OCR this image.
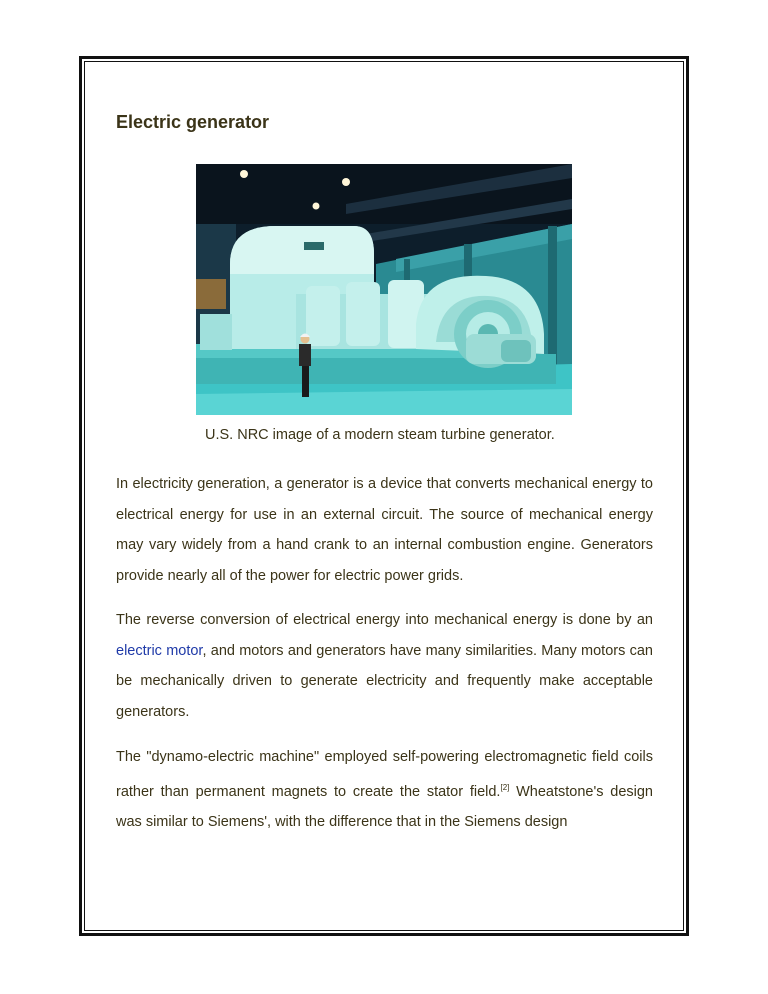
Electric generator

U.S. NRC image of a modern steam turbine generator.

In electricity generation, a generator is a device that converts mechanical energy to electrical energy for use in an external circuit. The source of mechanical energy may vary widely from a hand crank to an internal combustion engine. Generators provide nearly all of the power for electric power grids.

The reverse conversion of electrical energy into mechanical energy is done by an electric motor, and motors and generators have many similarities. Many motors can be mechanically driven to generate electricity and frequently make acceptable generators.

The "dynamo-electric machine" employed self-powering electromagnetic field coils rather than permanent magnets to create the stator field.[2] Wheatstone's design was similar to Siemens', with the difference that in the Siemens design
